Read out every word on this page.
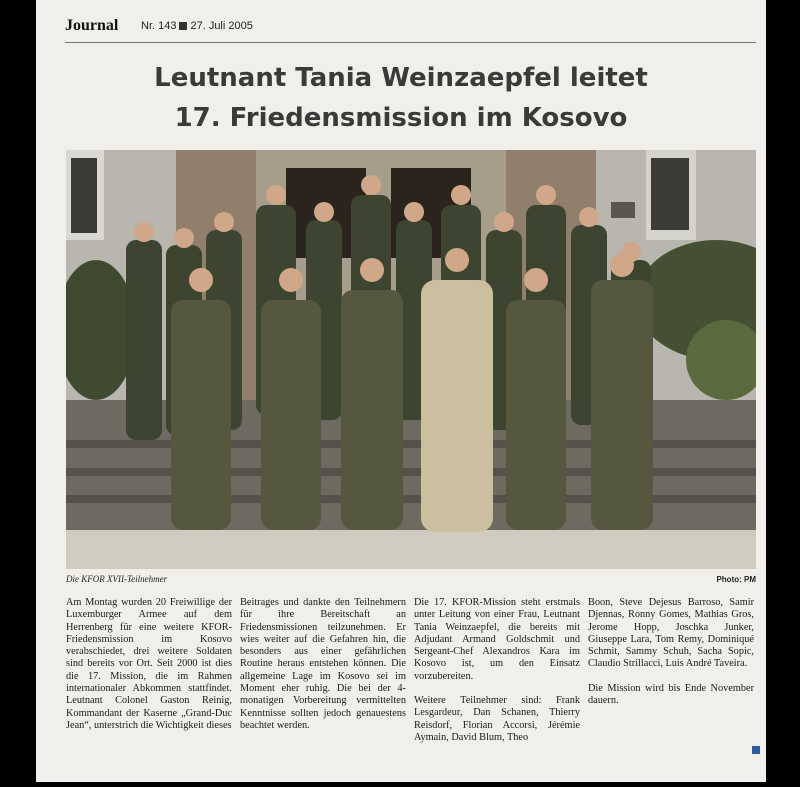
Journal Nr. 143 27. Juli 2005
Leutnant Tania Weinzaepfel leitet
17. Friedensmission im Kosovo
Die KFOR XVII-Teilnehmer	Photo: PM

Am Montag wurden 20 Freiwillige der Luxemburger Armee auf dem Herrenberg für eine weitere KFOR-Friedensmission im Kosovo verabschiedet, drei weitere Soldaten sind bereits vor Ort. Seit 2000 ist dies die 17. Mission, die im Rahmen internationaler Abkommen stattfindet. Leutnant Colonel Gaston Reinig, Kommandant der Kaserne „Grand-Duc Jean“, unterstrich die Wichtigkeit dieses

Beitrages und dankte den Teilnehmern für ihre Bereitschaft an Friedensmissionen teilzunehmen. Er wies weiter auf die Gefahren hin, die besonders aus einer gefährlichen Routine heraus entstehen können. Die allgemeine Lage im Kosovo sei im Moment eher ruhig. Die bei der 4-monatigen Vorbereitung vermittelten Kenntnisse sollten jedoch genauestens beachtet werden.

Die 17. KFOR-Mission steht erstmals unter Leitung von einer Frau, Leutnant Tania Weinzaepfel, die bereits mit Adjudant Armand Goldschmit und Sergeant-Chef Alexandros Kara im Kosovo ist, um den Einsatz vorzubereiten.

Weitere Teilnehmer sind: Frank Lesgardeur, Dan Schanen, Thierry Reisdorf, Florian Accorsi, Jérémie Aymain, David Blum, Theo

Boon, Steve Dejesus Barroso, Samir Djennas, Ronny Gomes, Mathias Gros, Jerome Hopp, Joschka Junker, Giuseppe Lara, Tom Remy, Dominiqué Schmit, Sammy Schuh, Sacha Sopic, Claudio Strillacci, Luis André Taveira.

Die Mission wird bis Ende November dauern.
